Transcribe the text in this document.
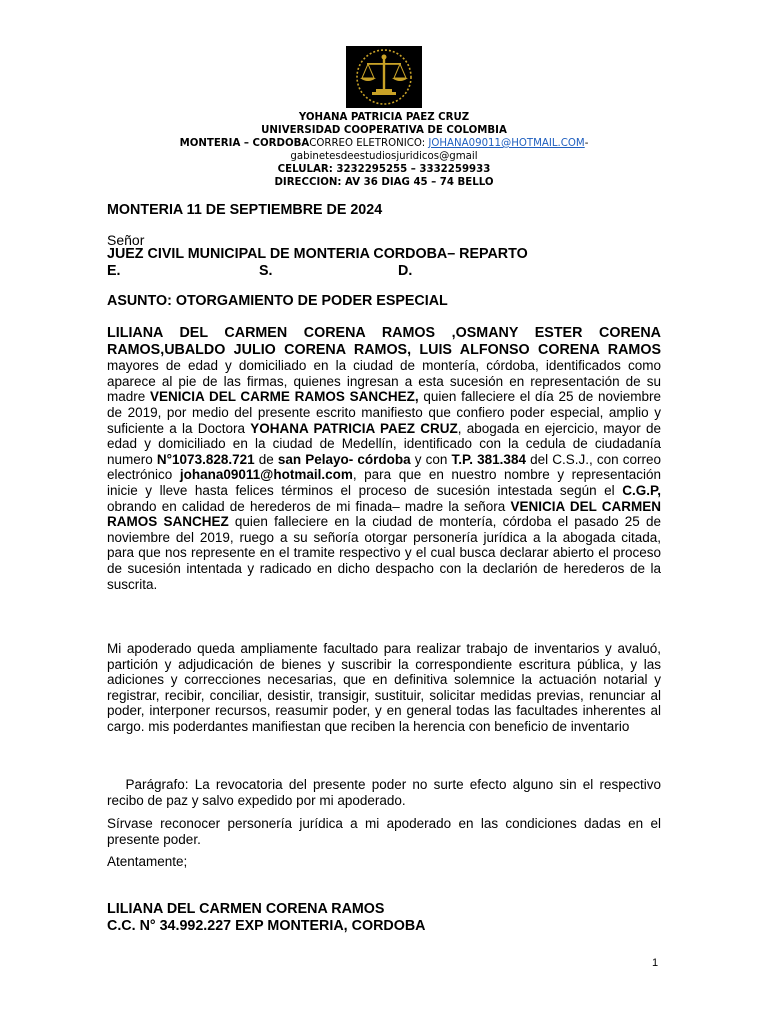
YOHANA PATRICIA PAEZ CRUZ
UNIVERSIDAD COOPERATIVA DE COLOMBIA
MONTERIA – CORDOBACORREO ELETRONICO: JOHANA09011@HOTMAIL.COM-
gabinetesdeestudiosjuridicos@gmail
CELULAR: 3232295255 – 3332259933
DIRECCION: AV 36 DIAG 45 – 74 BELLO
MONTERIA 11 DE SEPTIEMBRE DE 2024
Señor
JUEZ CIVIL MUNICIPAL DE MONTERIA CORDOBA– REPARTO
E.	S.	D.
ASUNTO: OTORGAMIENTO DE PODER ESPECIAL
LILIANA DEL CARMEN CORENA RAMOS ,OSMANY ESTER CORENA RAMOS,UBALDO JULIO CORENA RAMOS, LUIS ALFONSO CORENA RAMOS mayores de edad y domiciliado en la ciudad de montería, córdoba, identificados como aparece al pie de las firmas, quienes ingresan a esta sucesión en representación de su madre VENICIA DEL CARME RAMOS SANCHEZ, quien falleciere el día 25 de noviembre de 2019, por medio del presente escrito manifiesto que confiero poder especial, amplio y suficiente a la Doctora YOHANA PATRICIA PAEZ CRUZ, abogada en ejercicio, mayor de edad y domiciliado en la ciudad de Medellín, identificado con la cedula de ciudadanía numero N°1073.828.721 de san Pelayo- córdoba y con T.P. 381.384 del C.S.J., con correo electrónico johana09011@hotmail.com, para que en nuestro nombre y representación inicie y lleve hasta felices términos el proceso de sucesión intestada según el C.G.P, obrando en calidad de herederos de mi finada– madre la señora VENICIA DEL CARMEN RAMOS SANCHEZ quien falleciere en la ciudad de montería, córdoba el pasado 25 de noviembre del 2019, ruego a su señoría otorgar personería jurídica a la abogada citada, para que nos represente en el tramite respectivo y el cual busca declarar abierto el proceso de sucesión intentada y radicado en dicho despacho con la declarión de herederos de la suscrita.
Mi apoderado queda ampliamente facultado para realizar trabajo de inventarios y avaluó, partición y adjudicación de bienes y suscribir la correspondiente escritura pública, y las adiciones y correcciones necesarias, que en definitiva solemnice la actuación notarial y registrar, recibir, conciliar, desistir, transigir, sustituir, solicitar medidas previas, renunciar al poder, interponer recursos, reasumir poder, y en general todas las facultades inherentes al cargo. mis poderdantes manifiestan que reciben la herencia con beneficio de inventario
Parágrafo: La revocatoria del presente poder no surte efecto alguno sin el respectivo recibo de paz y salvo expedido por mi apoderado.
Sírvase reconocer personería jurídica a mi apoderado en las condiciones dadas en el presente poder.
Atentamente;
LILIANA DEL CARMEN CORENA RAMOS
C.C. N° 34.992.227 EXP MONTERIA, CORDOBA
1
